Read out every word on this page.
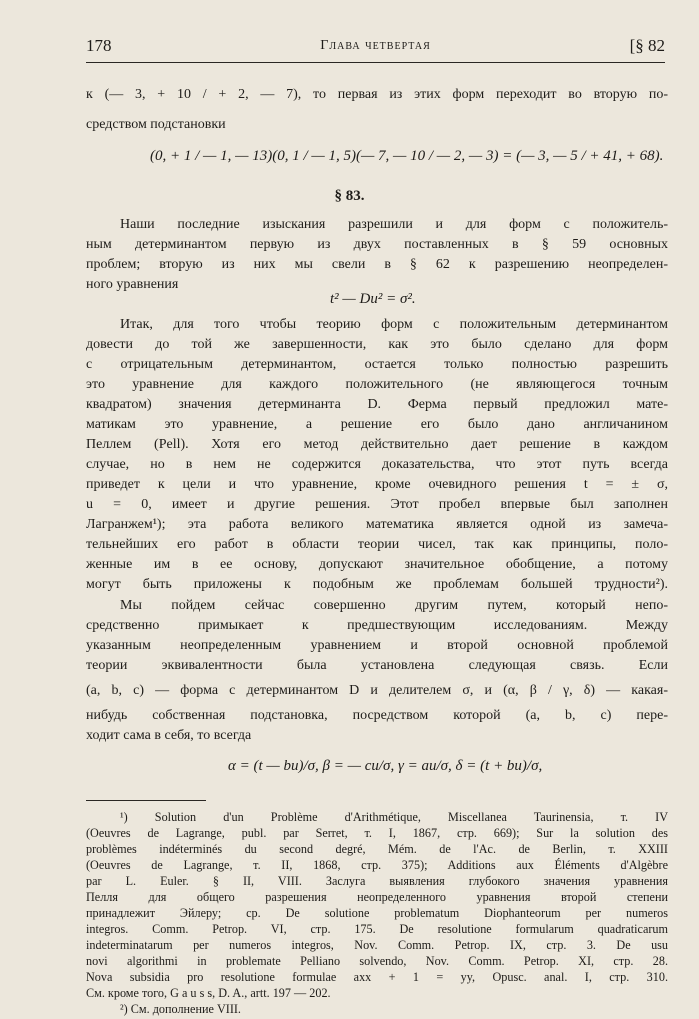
178	Глава четвертая	[§ 82
к (— 3, + 10 / + 2, — 7), то первая из этих форм переходит во вторую по-
средством подстановки
(0, + 1 / — 1, — 13)(0, 1 / — 1, 5)(— 7, — 10 / — 2, — 3) = (— 3, — 5 / + 41, + 68).
§ 83.
Наши последние изыскания разрешили и для форм с положитель-
ным детерминантом первую из двух поставленных в § 59 основных
проблем; вторую из них мы свели в § 62 к разрешению неопределен-
ного уравнения
t² — Du² = σ².
Итак, для того чтобы теорию форм с положительным детерминантом
довести до той же завершенности, как это было сделано для форм
с отрицательным детерминантом, остается только полностью разрешить
это уравнение для каждого положительного (не являющегося точным
квадратом) значения детерминанта D. Ферма первый предложил мате-
матикам это уравнение, а решение его было дано англичанином
Пеллем (Pell). Хотя его метод действительно дает решение в каждом
случае, но в нем не содержится доказательства, что этот путь всегда
приведет к цели и что уравнение, кроме очевидного решения t = ± σ,
u = 0, имеет и другие решения. Этот пробел впервые был заполнен
Лагранжем¹); эта работа великого математика является одной из замеча-
тельнейших его работ в области теории чисел, так как принципы, поло-
женные им в ее основу, допускают значительное обобщение, а потому
могут быть приложены к подобным же проблемам большей трудности²).
Мы пойдем сейчас совершенно другим путем, который непо-
средственно примыкает к предшествующим исследованиям. Между
указанным неопределенным уравнением и второй основной проблемой
теории эквивалентности была установлена следующая связь. Если
(a, b, c) — форма с детерминантом D и делителем σ, и (α, β / γ, δ) — какая-
нибудь собственная подстановка, посредством которой (a, b, c) пере-
ходит сама в себя, то всегда
α = (t — bu)/σ, β = — cu/σ, γ = au/σ, δ = (t + bu)/σ,
¹) Solution d'un Problème d'Arithmétique, Miscellanea Taurinensia, т. IV
(Oeuvres de Lagrange, publ. par Serret, т. I, 1867, стр. 669); Sur la solution des
problèmes indéterminés du second degré, Mém. de l'Ac. de Berlin, т. XXIII
(Oeuvres de Lagrange, т. II, 1868, стр. 375); Additions aux Éléments d'Algèbre
par L. Euler. § II, VIII. Заслуга выявления глубокого значения уравнения
Пелля для общего разрешения неопределенного уравнения второй степени
принадлежит Эйлеру; ср. De solutione problematum Diophanteorum per numeros
integros. Comm. Petrop. VI, стр. 175. De resolutione formularum quadraticarum
indeterminatarum per numeros integros, Nov. Comm. Petrop. IX, стр. 3. De usu
novi algorithmi in problemate Pelliano solvendo, Nov. Comm. Petrop. XI, стр. 28.
Nova subsidia pro resolutione formulae axx + 1 = yy, Opusc. anal. I, стр. 310.
См. кроме того, G a u s s, D. A., artt. 197 — 202.
²) См. дополнение VIII.
